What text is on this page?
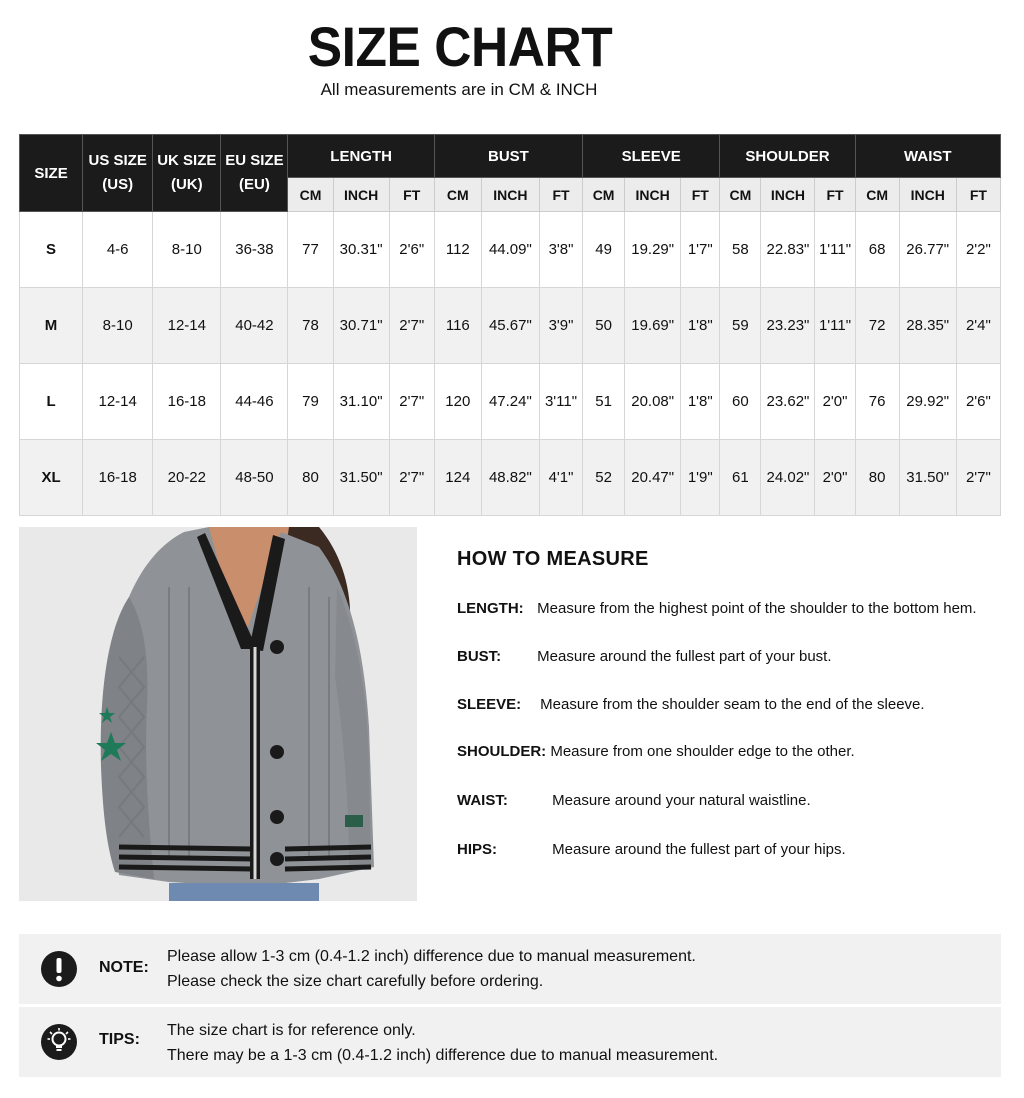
SIZE CHART
All measurements are in CM & INCH
SIZE	US SIZE (US)	UK SIZE (UK)	EU SIZE (EU)	LENGTH			BUST			SLEEVE			SHOULDER			WAIST		
				CM	INCH	FT	CM	INCH	FT	CM	INCH	FT	CM	INCH	FT	CM	INCH	FT
S	4-6	8-10	36-38	77	30.31"	2'6"	112	44.09"	3'8"	49	19.29"	1'7"	58	22.83"	1'11"	68	26.77"	2'2"
M	8-10	12-14	40-42	78	30.71"	2'7"	116	45.67"	3'9"	50	19.69"	1'8"	59	23.23"	1'11"	72	28.35"	2'4"
L	12-14	16-18	44-46	79	31.10"	2'7"	120	47.24"	3'11"	51	20.08"	1'8"	60	23.62"	2'0"	76	29.92"	2'6"
XL	16-18	20-22	48-50	80	31.50"	2'7"	124	48.82"	4'1"	52	20.47"	1'9"	61	24.02"	2'0"	80	31.50"	2'7"
HOW TO MEASURE
LENGTH: Measure from the highest point of the shoulder to the bottom hem.
BUST: Measure around the fullest part of your bust.
SLEEVE: Measure from the shoulder seam to the end of the sleeve.
SHOULDER: Measure from one shoulder edge to the other.
WAIST:	Measure around your natural waistline.
HIPS:	Measure around the fullest part of your hips.
NOTE:
Please allow 1-3 cm (0.4-1.2 inch) difference due to manual measurement.
Please check the size chart carefully before ordering.
TIPS:
The size chart is for reference only.
There may be a 1-3 cm (0.4-1.2 inch) difference due to manual measurement.
